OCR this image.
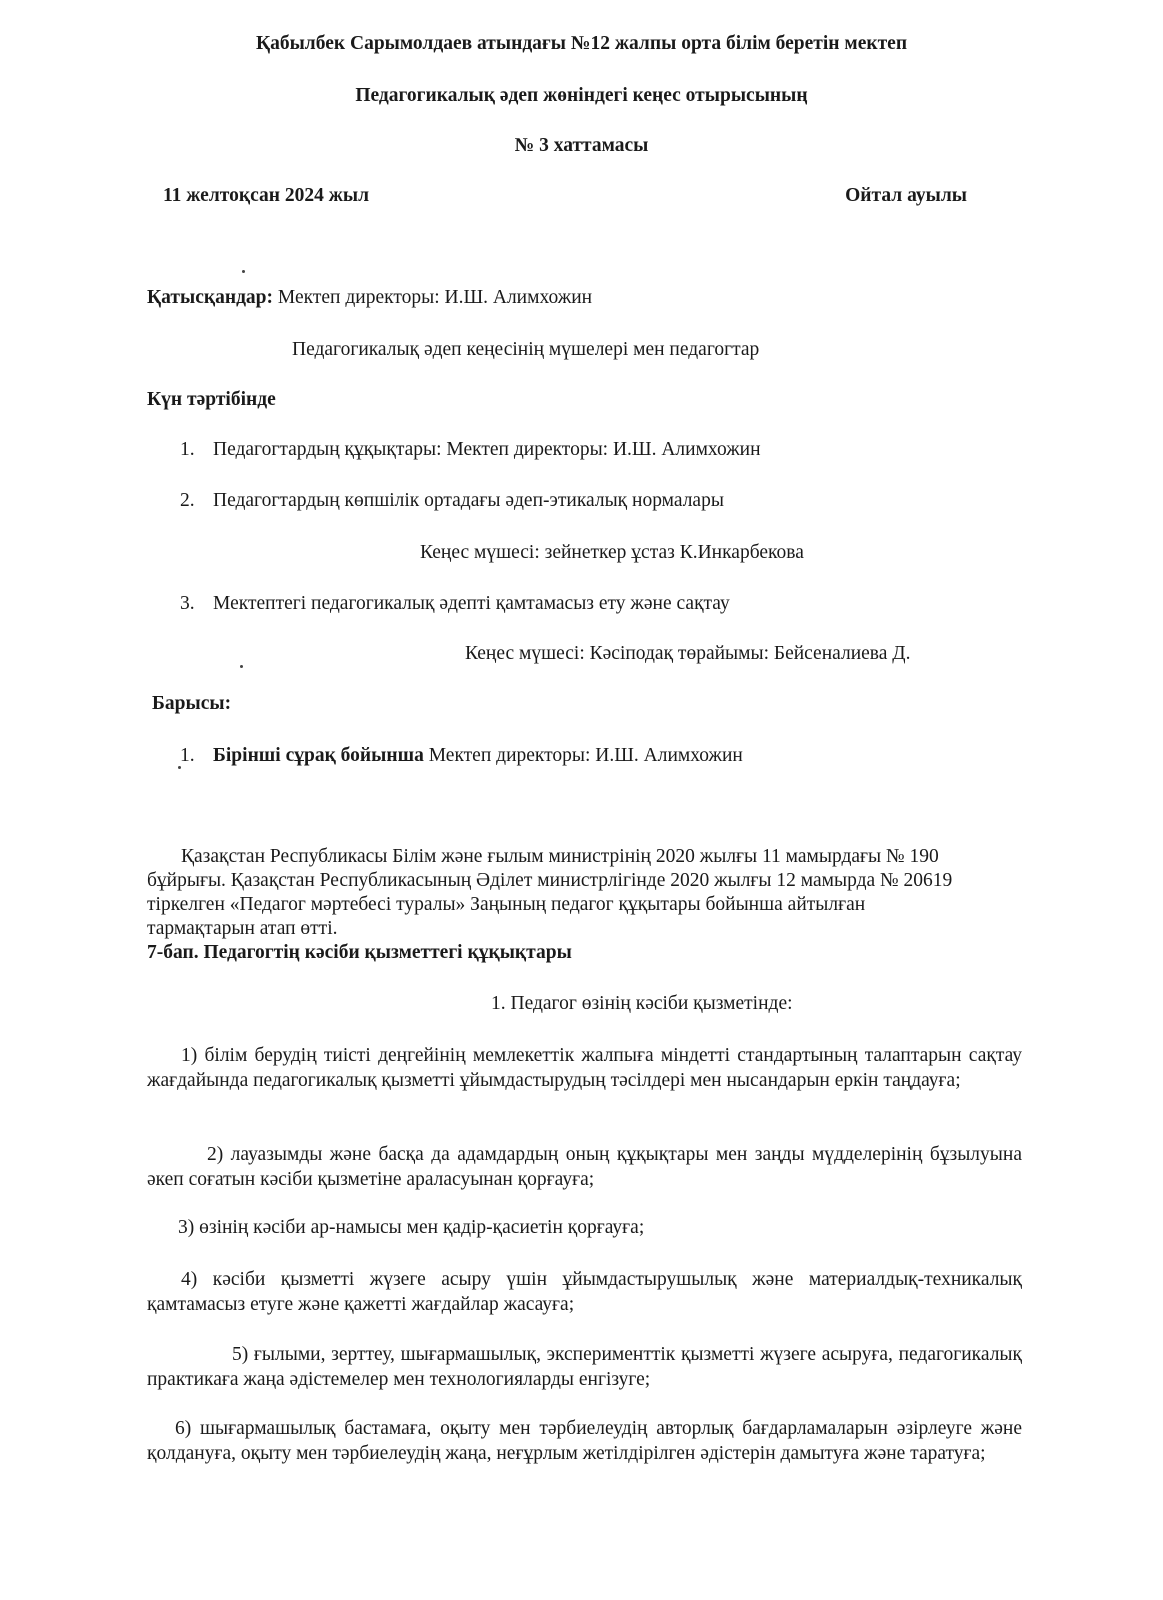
Қабылбек Сарымолдаев атындағы №12 жалпы орта білім беретін мектеп

Педагогикалық әдеп жөніндегі кеңес отырысының

№ 3 хаттамасы

11 желтоқсан 2024 жыл	Ойтал ауылы

Қатысқандар: Мектеп директоры: И.Ш. Алимхожин

Педагогикалық әдеп кеңесінің мүшелері мен педагогтар

Күн тәртібінде

1. Педагогтардың құқықтары: Мектеп директоры: И.Ш. Алимхожин

2. Педагогтардың көпшілік ортадағы әдеп-этикалық нормалары

Кеңес мүшесі: зейнеткер ұстаз К.Инкарбекова

3. Мектептегі педагогикалық әдепті қамтамасыз ету және сақтау

Кеңес мүшесі: Кәсіподақ төрайымы: Бейсеналиева Д.

Барысы:

1. Бірінші сұрақ бойынша Мектеп директоры: И.Ш. Алимхожин

Қазақстан Республикасы Білім және ғылым министрінің 2020 жылғы 11 мамырдағы № 190

бұйрығы. Қазақстан Республикасының Әділет министрлігінде 2020 жылғы 12 мамырда № 20619

тіркелген «Педагог мәртебесі туралы» Заңының педагог құқытары бойынша айтылған

тармақтарын атап өтті.

7-бап. Педагогтің кәсіби қызметтегі құқықтары

1. Педагог өзінің кәсіби қызметінде:

1) білім берудің тиісті деңгейінің мемлекеттік жалпыға міндетті стандартының талаптарын сақтау жағдайында педагогикалық қызметті ұйымдастырудың тәсілдері мен нысандарын еркін таңдауға;

2) лауазымды және басқа да адамдардың оның құқықтары мен заңды мүдделерінің бұзылуына әкеп соғатын кәсіби қызметіне араласуынан қорғауға;

3) өзінің кәсіби ар-намысы мен қадір-қасиетін қорғауға;

4) кәсіби қызметті жүзеге асыру үшін ұйымдастырушылық және материалдық-техникалық қамтамасыз етуге және қажетті жағдайлар жасауға;

5) ғылыми, зерттеу, шығармашылық, эксперименттік қызметті жүзеге асыруға, педагогикалық практикаға жаңа әдістемелер мен технологияларды енгізуге;

6) шығармашылық бастамаға, оқыту мен тәрбиелеудің авторлық бағдарламаларын әзірлеуге және қолдануға, оқыту мен тәрбиелеудің жаңа, неғұрлым жетілдірілген әдістерін дамытуға және таратуға;
